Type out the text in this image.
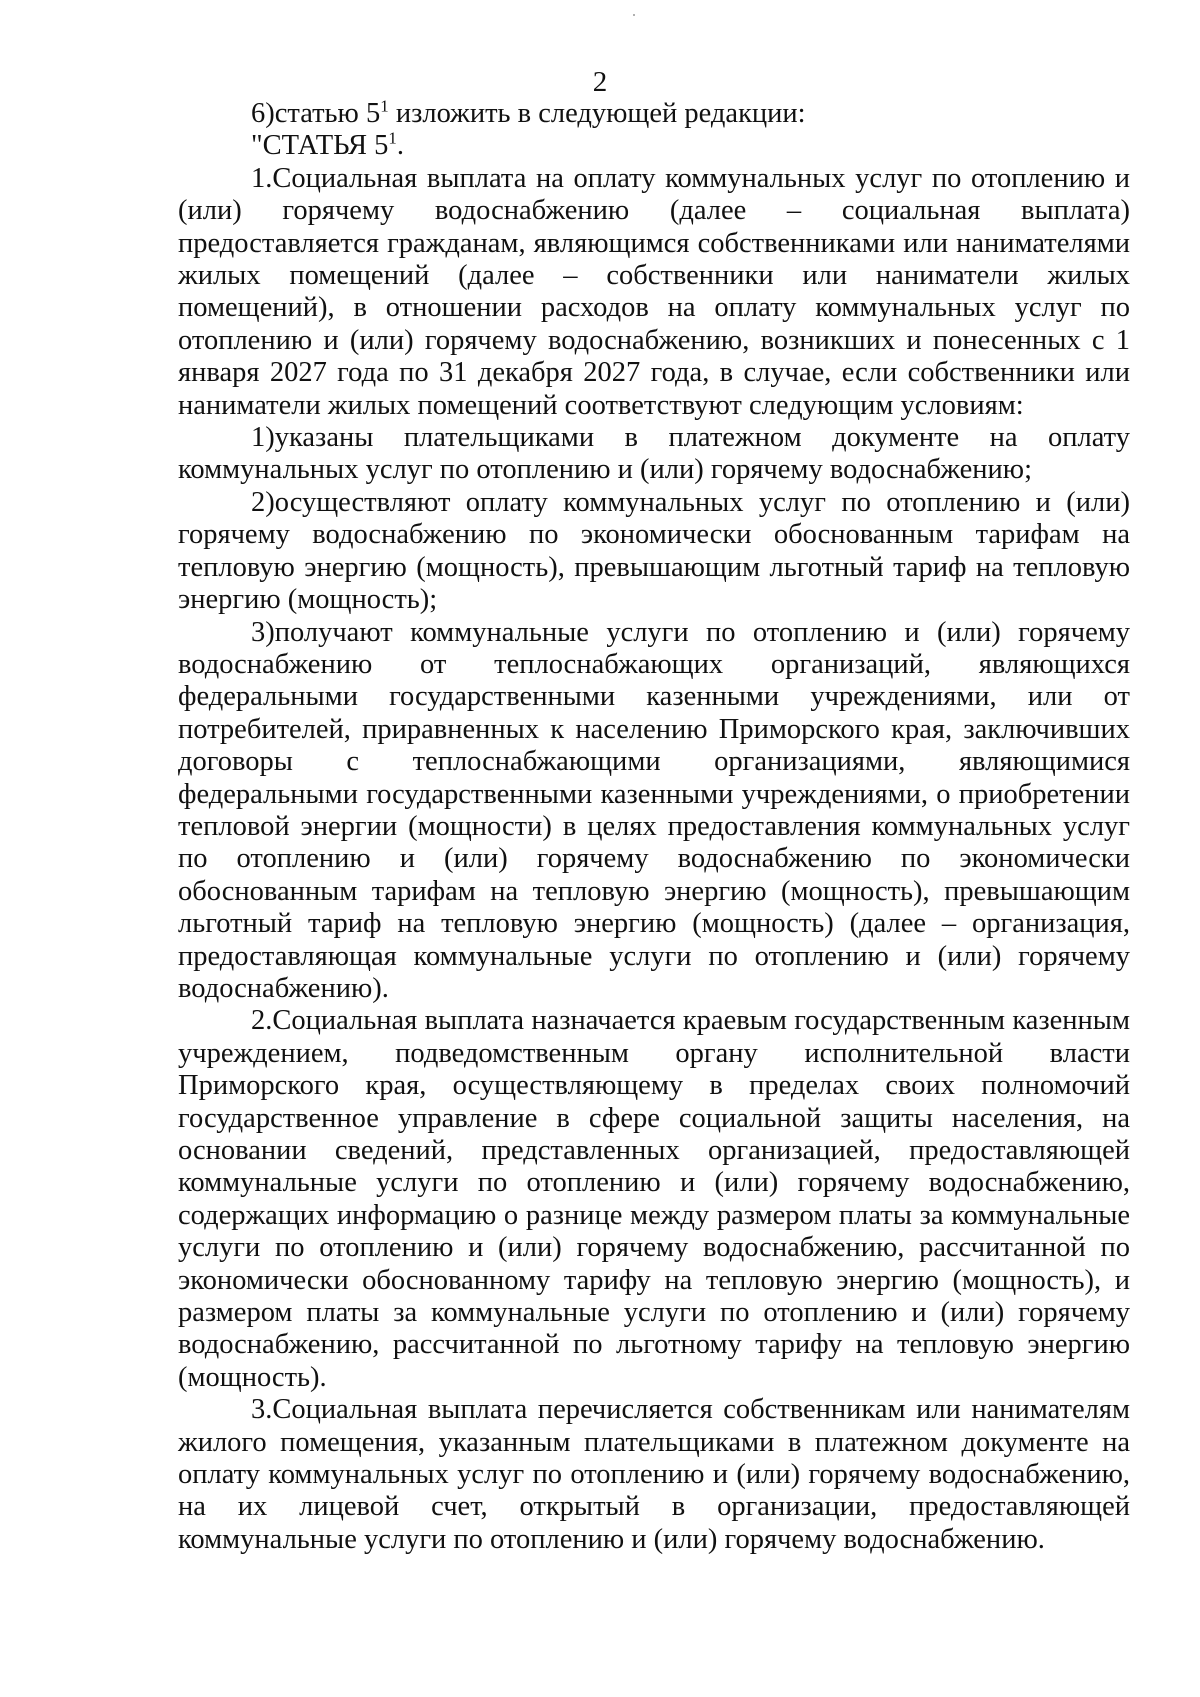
2

6)статью $5^1$ изложить в следующей редакции:

"СТАТЬЯ $5^1$.

1.Социальная выплата на оплату коммунальных услуг по отоплению и (или) горячему водоснабжению (далее – социальная выплата) предоставляется гражданам, являющимся собственниками или нанимателями жилых помещений (далее – собственники или наниматели жилых помещений), в отношении расходов на оплату коммунальных услуг по отоплению и (или) горячему водоснабжению, возникших и понесенных с 1 января 2027 года по 31 декабря 2027 года, в случае, если собственники или наниматели жилых помещений соответствуют следующим условиям:

1)указаны плательщиками в платежном документе на оплату коммунальных услуг по отоплению и (или) горячему водоснабжению;

2)осуществляют оплату коммунальных услуг по отоплению и (или) горячему водоснабжению по экономически обоснованным тарифам на тепловую энергию (мощность), превышающим льготный тариф на тепловую энергию (мощность);

3)получают коммунальные услуги по отоплению и (или) горячему водоснабжению от теплоснабжающих организаций, являющихся федеральными государственными казенными учреждениями, или от потребителей, приравненных к населению Приморского края, заключивших договоры с теплоснабжающими организациями, являющимися федеральными государственными казенными учреждениями, о приобретении тепловой энергии (мощности) в целях предоставления коммунальных услуг по отоплению и (или) горячему водоснабжению по экономически обоснованным тарифам на тепловую энергию (мощность), превышающим льготный тариф на тепловую энергию (мощность) (далее – организация, предоставляющая коммунальные услуги по отоплению и (или) горячему водоснабжению).

2.Социальная выплата назначается краевым государственным казенным учреждением, подведомственным органу исполнительной власти Приморского края, осуществляющему в пределах своих полномочий государственное управление в сфере социальной защиты населения, на основании сведений, представленных организацией, предоставляющей коммунальные услуги по отоплению и (или) горячему водоснабжению, содержащих информацию о разнице между размером платы за коммунальные услуги по отоплению и (или) горячему водоснабжению, рассчитанной по экономически обоснованному тарифу на тепловую энергию (мощность), и размером платы за коммунальные услуги по отоплению и (или) горячему водоснабжению, рассчитанной по льготному тарифу на тепловую энергию (мощность).

3.Социальная выплата перечисляется собственникам или нанимателям жилого помещения, указанным плательщиками в платежном документе на оплату коммунальных услуг по отоплению и (или) горячему водоснабжению, на их лицевой счет, открытый в организации, предоставляющей коммунальные услуги по отоплению и (или) горячему водоснабжению.
